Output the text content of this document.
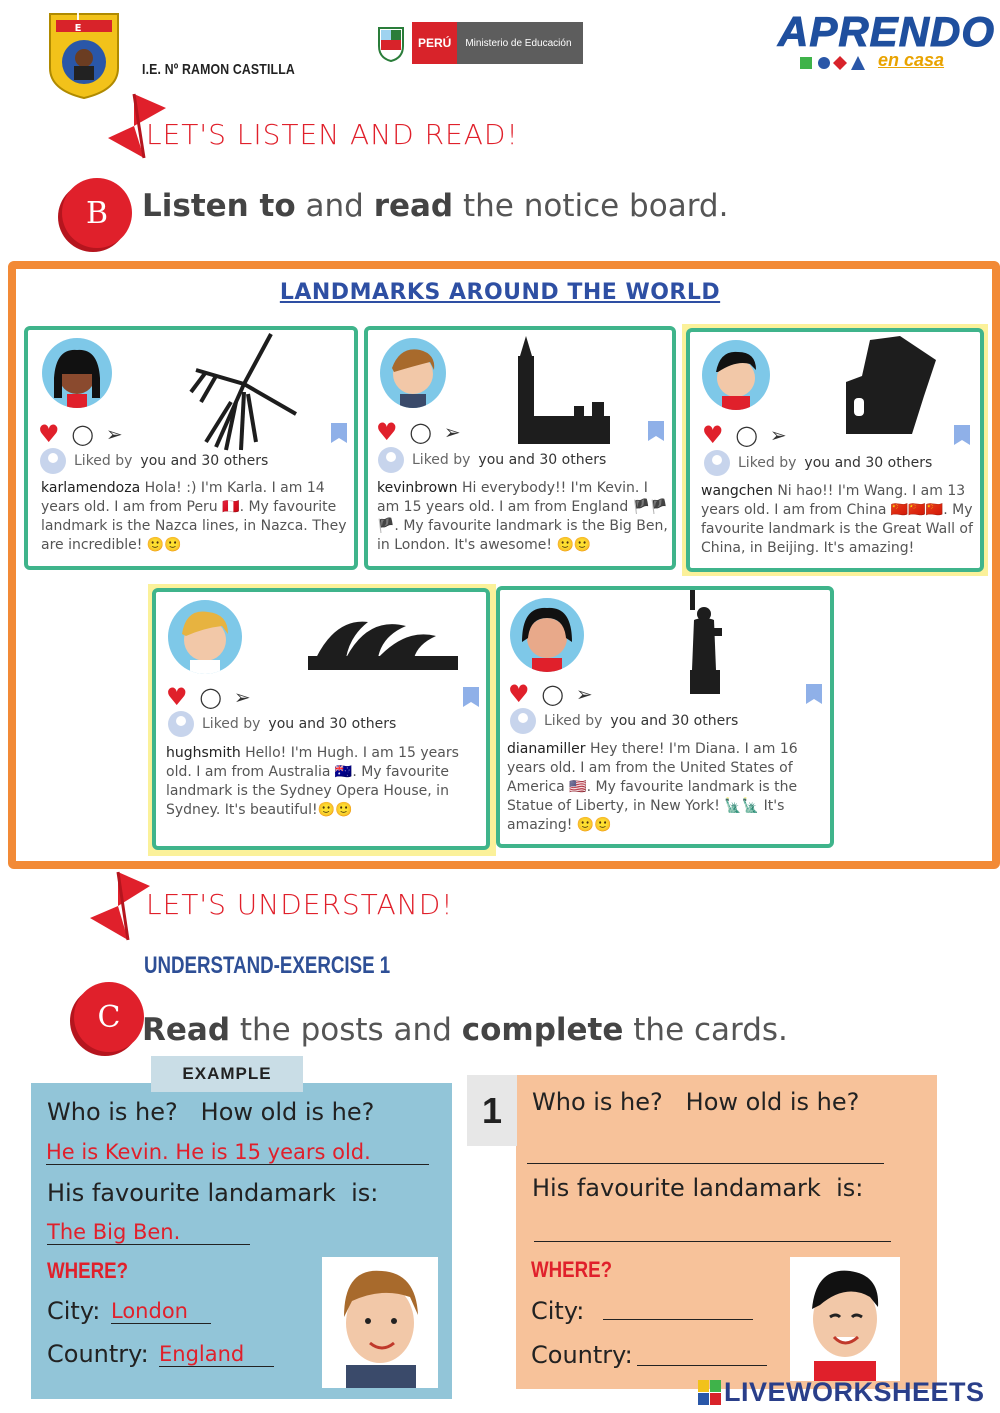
I E
I.E. Nº RAMON CASTILLA
PERÚ	Ministerio de Educación	APRENDO
en casa
LET'S LISTEN AND READ!
B	Listen to and read the notice board.
LANDMARKS AROUND THE WORLD
♥ ◯ ➢
Liked by you and 30 others
karlamendoza Hola! :) I'm Karla. I am 14 years old. I am from Peru 🇵🇪. My favourite landmark is the Nazca lines, in Nazca. They are incredible! 🙂🙂
♥ ◯ ➢
Liked by you and 30 others
kevinbrown Hi everybody!! I'm Kevin. I am 15 years old. I am from England 🏴🏴🏴. My favourite landmark is the Big Ben, in London. It's awesome! 🙂🙂
♥ ◯ ➢
Liked by you and 30 others
wangchen Ni hao!! I'm Wang. I am 13 years old. I am from China 🇨🇳🇨🇳🇨🇳. My favourite landmark is the Great Wall of China, in Beijing. It's amazing!
♥ ◯ ➢
Liked by you and 30 others
hughsmith Hello! I'm Hugh. I am 15 years old. I am from Australia 🇦🇺. My favourite landmark is the Sydney Opera House, in Sydney. It's beautiful!🙂🙂
♥ ◯ ➢
Liked by you and 30 others
dianamiller Hey there! I'm Diana. I am 16 years old. I am from the United States of America 🇺🇸. My favourite landmark is the Statue of Liberty, in New York! 🗽🗽 It's amazing! 🙂🙂
LET'S UNDERSTAND!
UNDERSTAND-EXERCISE 1
C Read the posts and complete the cards.
EXAMPLE
Who is he?   How old is he?
He is Kevin. He is 15 years old.
His favourite landamark  is:
The Big Ben.
WHERE?
City: London
Country: England
1	Who is he?   How old is he?
His favourite landamark  is:
WHERE?
City:
Country:
LIVEWORKSHEETS
